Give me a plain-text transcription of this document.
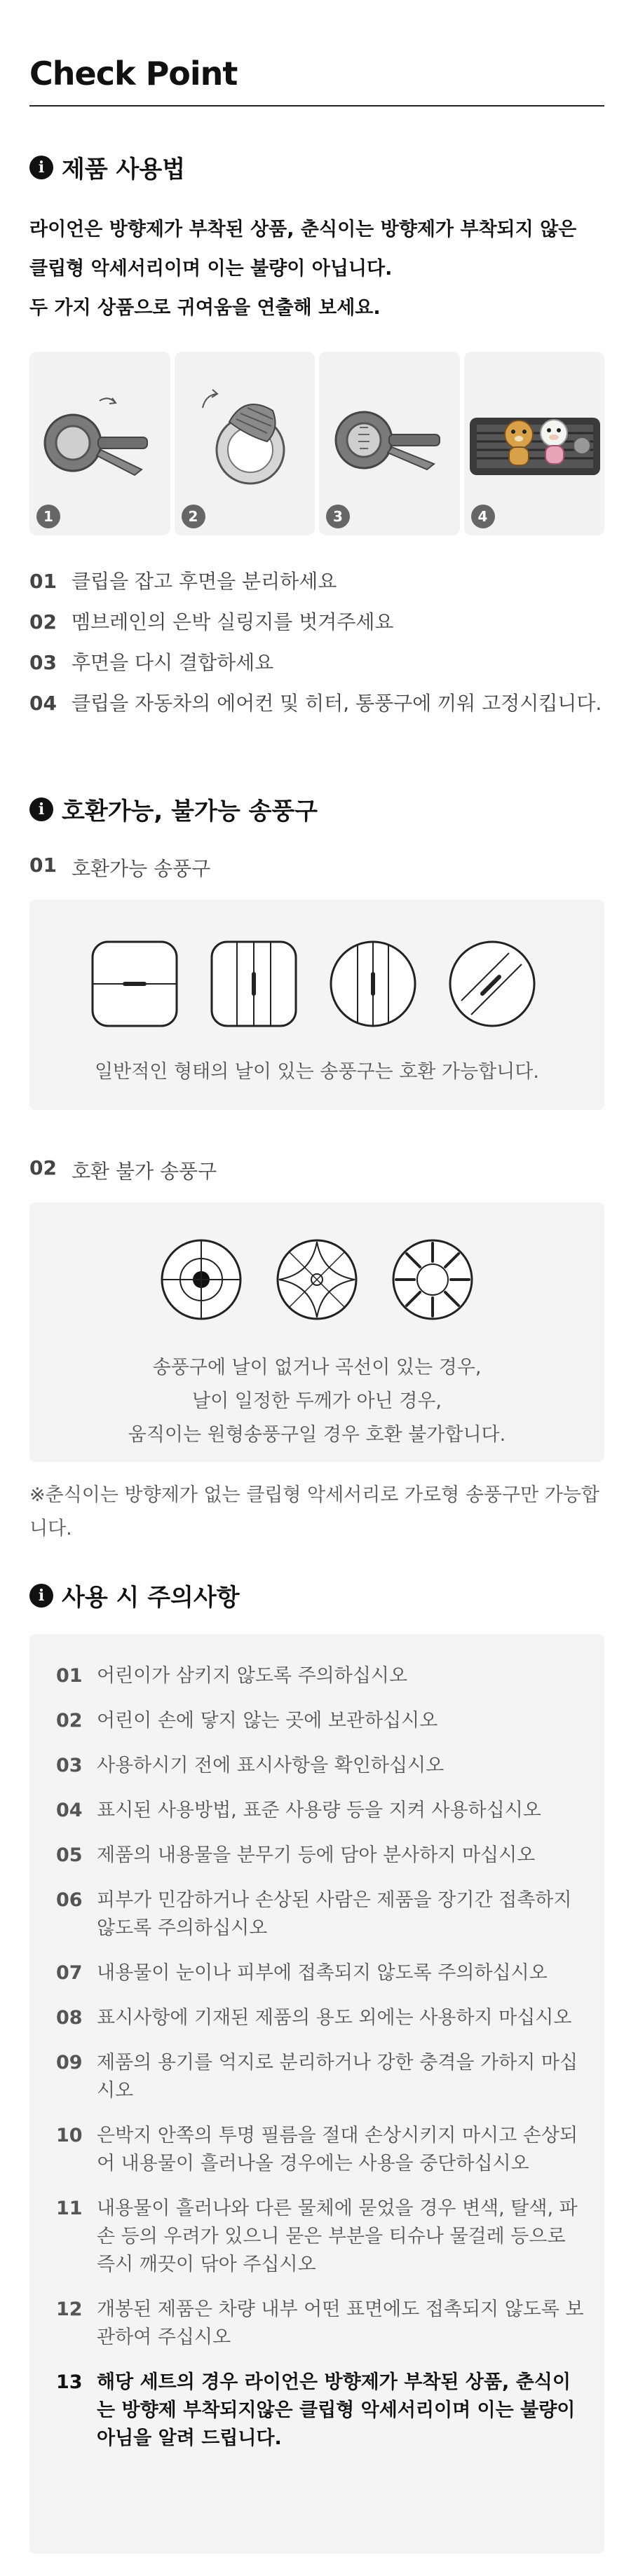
Check Point
i 제품 사용법
라이언은 방향제가 부착된 상품, 춘식이는 방향제가 부착되지 않은
클립형 악세서리이며 이는 불량이 아닙니다.
두 가지 상품으로 귀여움을 연출해 보세요.
1	2	3	4
01 클립을 잡고 후면을 분리하세요
02 멤브레인의 은박 실링지를 벗겨주세요
03 후면을 다시 결합하세요
04 클립을 자동차의 에어컨 및 히터, 통풍구에 끼워 고정시킵니다.
i 호환가능, 불가능 송풍구
01 호환가능 송풍구
일반적인 형태의 날이 있는 송풍구는 호환 가능합니다.
02 호환 불가 송풍구
송풍구에 날이 없거나 곡선이 있는 경우,
날이 일정한 두께가 아닌 경우,
움직이는 원형송풍구일 경우 호환 불가합니다.
※춘식이는 방향제가 없는 클립형 악세서리로 가로형 송풍구만 가능합니다.
i 사용 시 주의사항
01 어린이가 삼키지 않도록 주의하십시오
02 어린이 손에 닿지 않는 곳에 보관하십시오
03 사용하시기 전에 표시사항을 확인하십시오
04 표시된 사용방법, 표준 사용량 등을 지켜 사용하십시오
05 제품의 내용물을 분무기 등에 담아 분사하지 마십시오
06 피부가 민감하거나 손상된 사람은 제품을 장기간 접촉하지 않도록 주의하십시오
07 내용물이 눈이나 피부에 접촉되지 않도록 주의하십시오
08 표시사항에 기재된 제품의 용도 외에는 사용하지 마십시오
09 제품의 용기를 억지로 분리하거나 강한 충격을 가하지 마십시오
10 은박지 안쪽의 투명 필름을 절대 손상시키지 마시고 손상되어 내용물이 흘러나올 경우에는 사용을 중단하십시오
11 내용물이 흘러나와 다른 물체에 묻었을 경우 변색, 탈색, 파손 등의 우려가 있으니 묻은 부분을 티슈나 물걸레 등으로 즉시 깨끗이 닦아 주십시오
12 개봉된 제품은 차량 내부 어떤 표면에도 접촉되지 않도록 보관하여 주십시오
13 해당 세트의 경우 라이언은 방향제가 부착된 상품, 춘식이는 방향제 부착되지않은 클립형 악세서리이며 이는 불량이 아님을 알려 드립니다.
